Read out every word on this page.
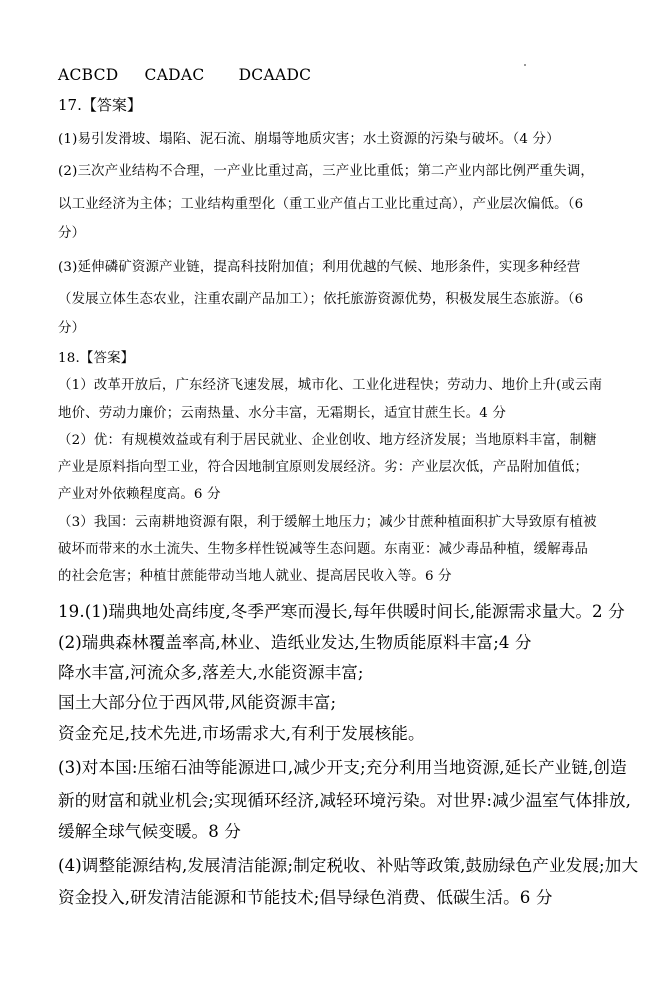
ACBCD CADAC DCAADC
17.【答案】
(1)易引发滑坡、塌陷、泥石流、崩塌等地质灾害；水土资源的污染与破坏。（4 分）
(2)三次产业结构不合理，一产业比重过高，三产业比重低；第二产业内部比例严重失调，
以工业经济为主体；工业结构重型化（重工业产值占工业比重过高），产业层次偏低。（6
分）
(3)延伸磷矿资源产业链，提高科技附加值；利用优越的气候、地形条件，实现多种经营
（发展立体生态农业，注重农副产品加工）；依托旅游资源优势，积极发展生态旅游。（6
分）
18.【答案】
（1）改革开放后，广东经济飞速发展，城市化、工业化进程快；劳动力、地价上升(或云南
地价、劳动力廉价；云南热量、水分丰富，无霜期长，适宜甘蔗生长。4 分
（2）优：有规模效益或有利于居民就业、企业创收、地方经济发展；当地原料丰富，制糖
产业是原料指向型工业，符合因地制宜原则发展经济。劣：产业层次低，产品附加值低；
产业对外依赖程度高。6 分
（3）我国：云南耕地资源有限，利于缓解土地压力；减少甘蔗种植面积扩大导致原有植被
破坏而带来的水土流失、生物多样性锐减等生态问题。东南亚：减少毒品种植，缓解毒品
的社会危害；种植甘蔗能带动当地人就业、提高居民收入等。6 分
19.(1)瑞典地处高纬度,冬季严寒而漫长,每年供暖时间长,能源需求量大。2 分
(2)瑞典森林覆盖率高,林业、造纸业发达,生物质能原料丰富;4 分
降水丰富,河流众多,落差大,水能资源丰富;
国土大部分位于西风带,风能资源丰富;
资金充足,技术先进,市场需求大,有利于发展核能。
(3)对本国:压缩石油等能源进口,减少开支;充分利用当地资源,延长产业链,创造
新的财富和就业机会;实现循环经济,减轻环境污染。对世界:减少温室气体排放,
缓解全球气候变暖。8 分
(4)调整能源结构,发展清洁能源;制定税收、补贴等政策,鼓励绿色产业发展;加大
资金投入,研发清洁能源和节能技术;倡导绿色消费、低碳生活。6 分
